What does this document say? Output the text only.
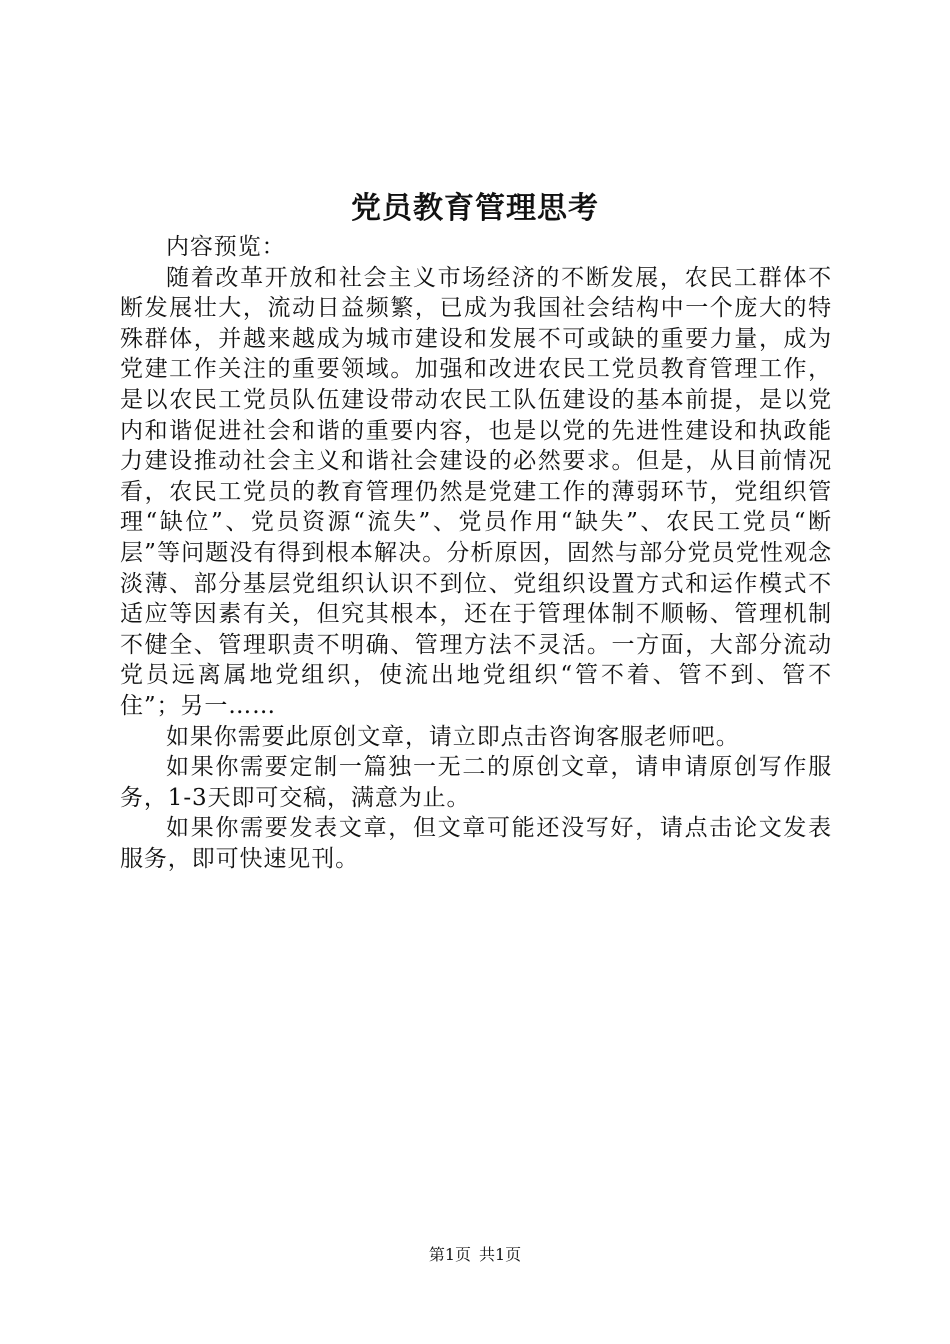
党员教育管理思考

内容预览：

随着改革开放和社会主义市场经济的不断发展，农民工群体不断发展壮大，流动日益频繁，已成为我国社会结构中一个庞大的特殊群体，并越来越成为城市建设和发展不可或缺的重要力量，成为党建工作关注的重要领域。加强和改进农民工党员教育管理工作，是以农民工党员队伍建设带动农民工队伍建设的基本前提，是以党内和谐促进社会和谐的重要内容，也是以党的先进性建设和执政能力建设推动社会主义和谐社会建设的必然要求。但是，从目前情况看，农民工党员的教育管理仍然是党建工作的薄弱环节，党组织管理“缺位”、党员资源“流失”、党员作用“缺失”、农民工党员“断层”等问题没有得到根本解决。分析原因，固然与部分党员党性观念淡薄、部分基层党组织认识不到位、党组织设置方式和运作模式不适应等因素有关，但究其根本，还在于管理体制不顺畅、管理机制不健全、管理职责不明确、管理方法不灵活。一方面，大部分流动党员远离属地党组织，使流出地党组织“管不着、管不到、管不住”；另一……

如果你需要此原创文章，请立即点击咨询客服老师吧。

如果你需要定制一篇独一无二的原创文章，请申请原创写作服务，1-3天即可交稿，满意为止。

如果你需要发表文章，但文章可能还没写好，请点击论文发表服务，即可快速见刊。

第1页 共1页
